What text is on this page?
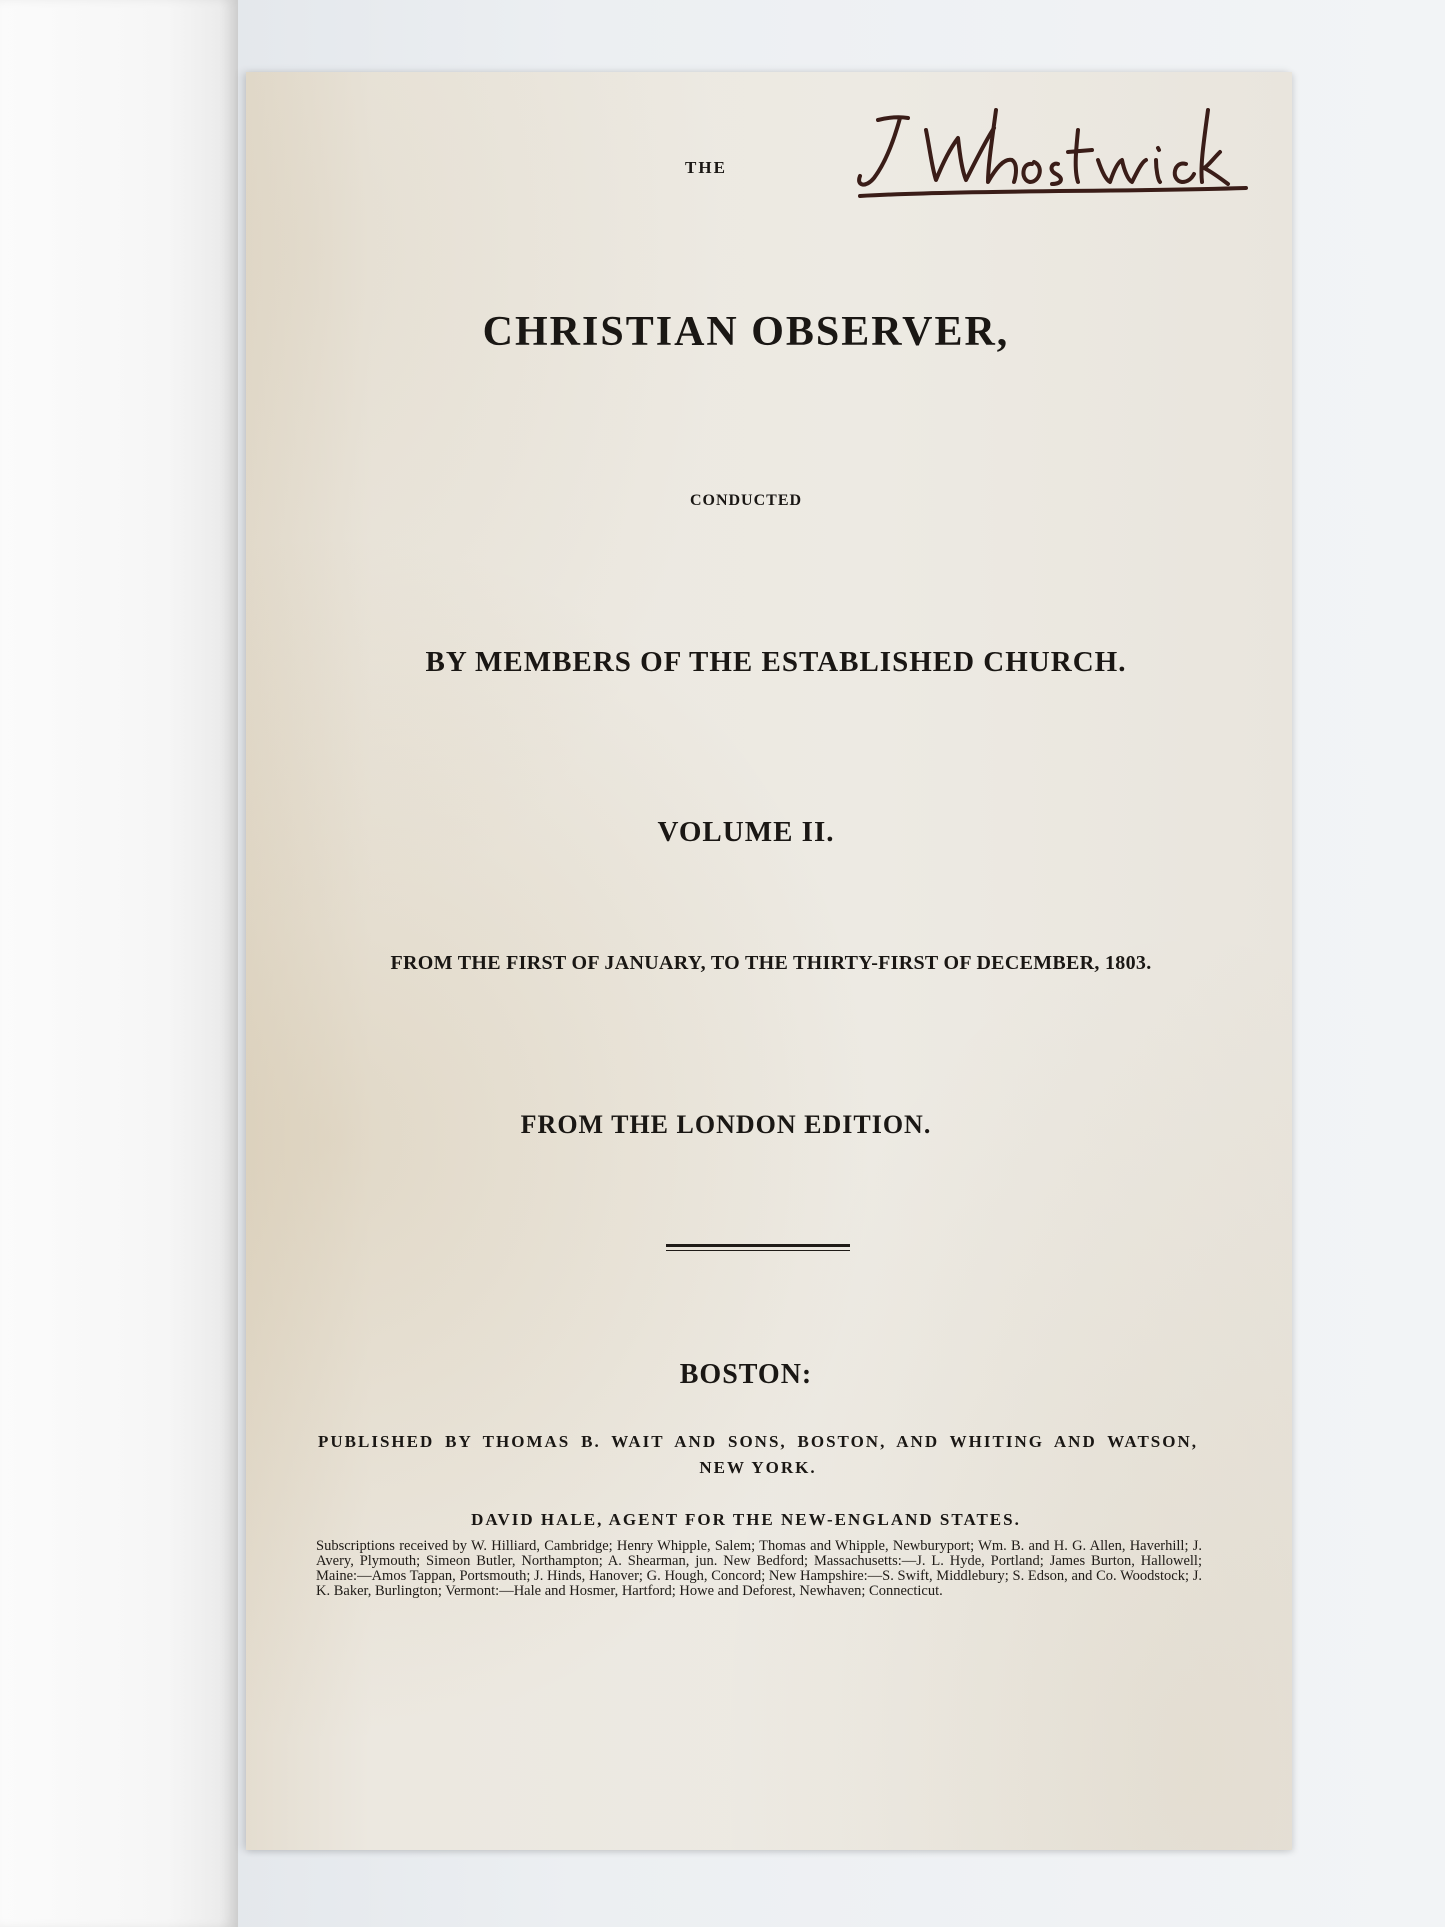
THE
CHRISTIAN OBSERVER,
CONDUCTED
BY MEMBERS OF THE ESTABLISHED CHURCH.
VOLUME II.
FROM THE FIRST OF JANUARY, TO THE THIRTY-FIRST OF DECEMBER, 1803.
FROM THE LONDON EDITION.
BOSTON:
PUBLISHED BY THOMAS B. WAIT AND SONS, BOSTON, AND WHITING AND WATSON, NEW YORK.
DAVID HALE, AGENT FOR THE NEW-ENGLAND STATES.

Subscriptions received by W. Hilliard, Cambridge; Henry Whipple, Salem; Thomas and Whipple, Newburyport; Wm. B. and H. G. Allen, Haverhill; J. Avery, Plymouth; Simeon Butler, Northampton; A. Shearman, jun. New Bedford; Massachusetts:—J. L. Hyde, Portland; James Burton, Hallowell; Maine:—Amos Tappan, Portsmouth; J. Hinds, Hanover; G. Hough, Concord; New Hampshire:—S. Swift, Middlebury; S. Edson, and Co. Woodstock; J. K. Baker, Burlington; Vermont:—Hale and Hosmer, Hartford; Howe and Deforest, Newhaven; Connecticut.
